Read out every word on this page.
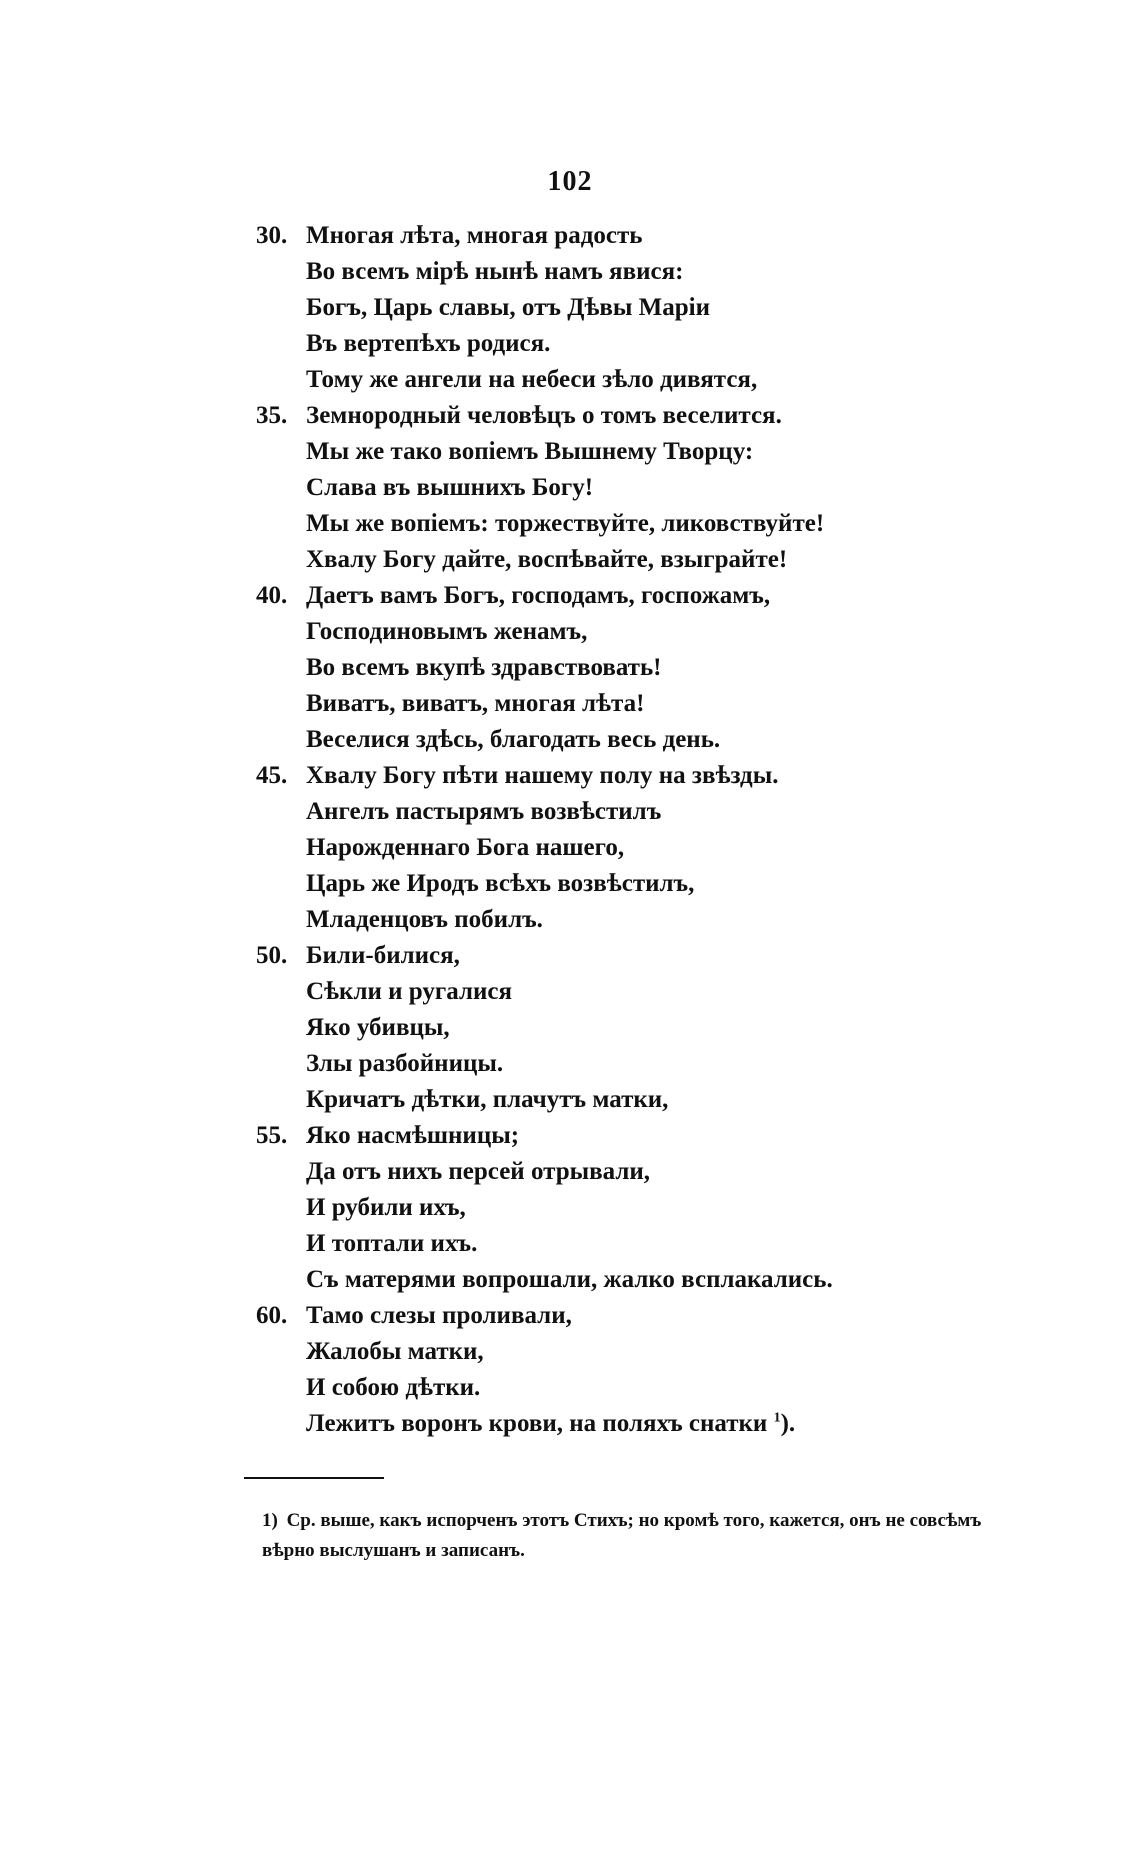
102
30. Многая лѣта, многая радость
Во всемъ мірѣ нынѣ намъ явися:
Богъ, Царь славы, отъ Дѣвы Маріи
Въ вертепѣхъ родися.
Тому же ангели на небеси зѣло дивятся,
35. Земнородный человѣцъ о томъ веселится.
Мы же тако вопіемъ Вышнему Творцу:
Слава въ вышнихъ Богу!
Мы же вопіемъ: торжествуйте, ликовствуйте!
Хвалу Богу дайте, воспѣвайте, взыграйте!
40. Даетъ вамъ Богъ, господамъ, госпожамъ,
Господиновымъ женамъ,
Во всемъ вкупѣ здравствовать!
Виватъ, виватъ, многая лѣта!
Веселися здѣсь, благодать весь день.
45. Хвалу Богу пѣти нашему полу на звѣзды.
Ангелъ пастырямъ возвѣстилъ
Нарожденнаго Бога нашего,
Царь же Иродъ всѣхъ возвѣстилъ,
Младенцовъ побилъ.
50. Били-билися,
Сѣкли и ругалися
Яко убивцы,
Злы разбойницы.
Кричатъ дѣтки, плачутъ матки,
55. Яко насмѣшницы;
Да отъ нихъ персей отрывали,
И рубили ихъ,
И топтали ихъ.
Съ матерями вопрошали, жалко всплакались.
60. Тамо слезы проливали,
Жалобы матки,
И собою дѣтки.
Лежитъ воронъ крови, на поляхъ снатки $^1$).
1) Ср. выше, какъ испорченъ этотъ Стихъ; но кромѣ того, кажется, онъ не совсѣмъ вѣрно выслушанъ и записанъ.
